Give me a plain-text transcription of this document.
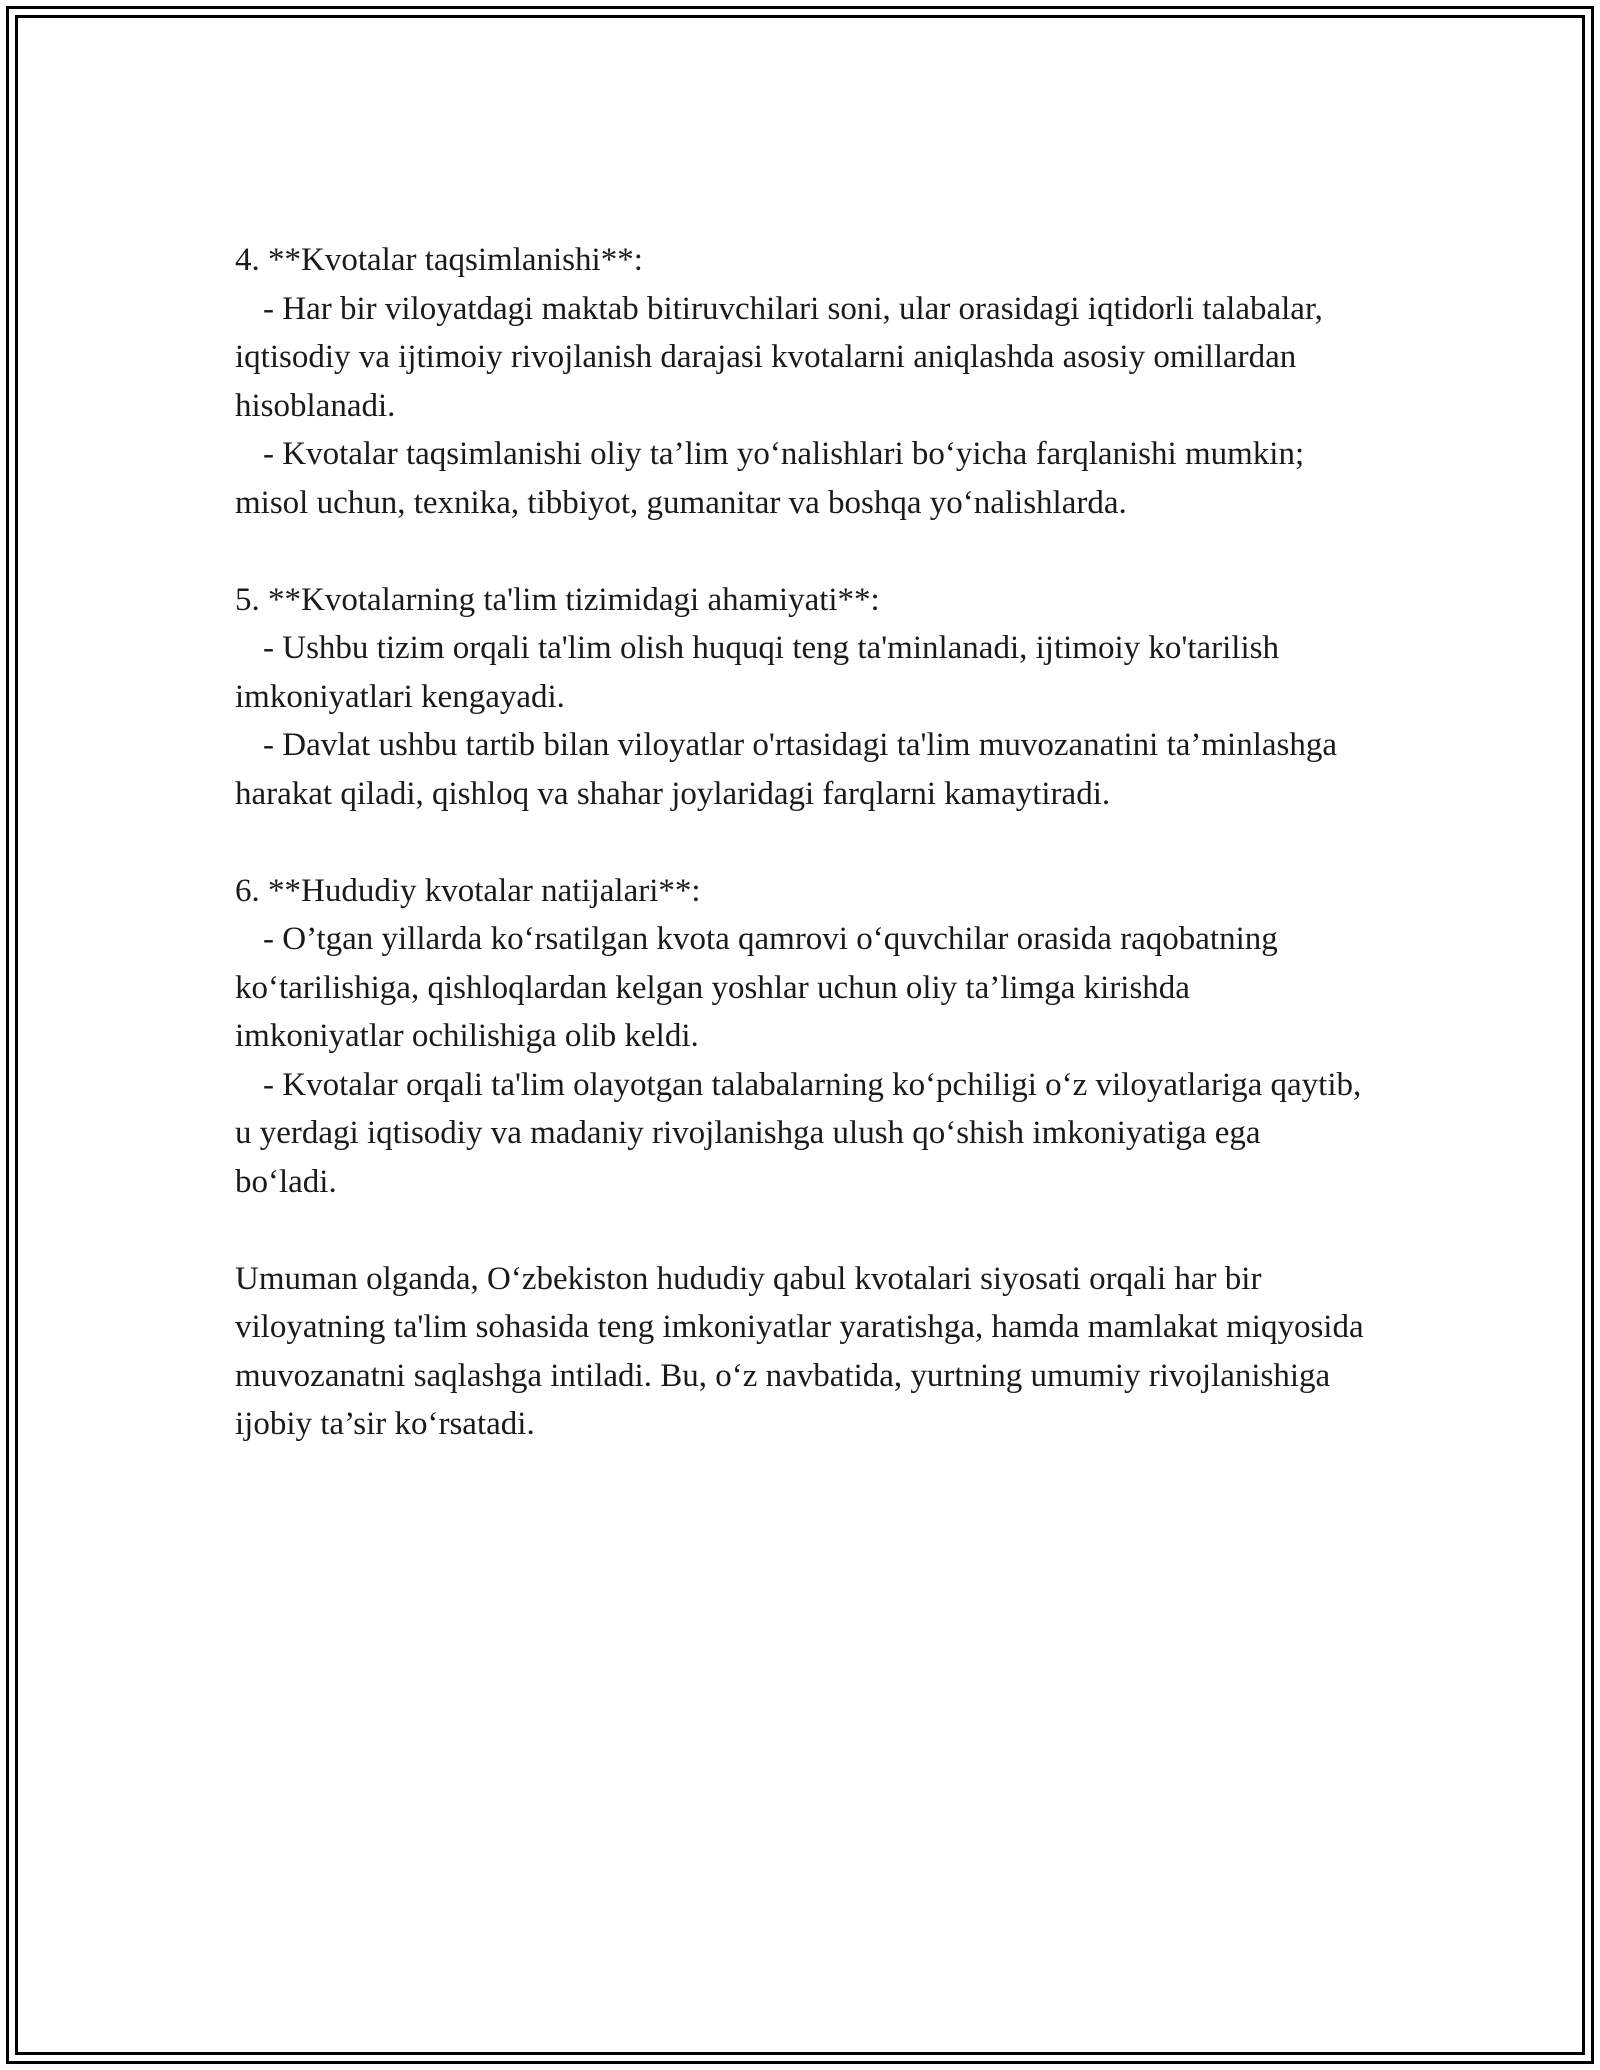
4. **Kvotalar taqsimlanishi**:
- Har bir viloyatdagi maktab bitiruvchilari soni, ular orasidagi iqtidorli talabalar, iqtisodiy va ijtimoiy rivojlanish darajasi kvotalarni aniqlashda asosiy omillardan hisoblanadi.
- Kvotalar taqsimlanishi oliy ta’lim yo‘nalishlari bo‘yicha farqlanishi mumkin; misol uchun, texnika, tibbiyot, gumanitar va boshqa yo‘nalishlarda.
5. **Kvotalarning ta'lim tizimidagi ahamiyati**:
- Ushbu tizim orqali ta'lim olish huquqi teng ta'minlanadi, ijtimoiy ko'tarilish imkoniyatlari kengayadi.
- Davlat ushbu tartib bilan viloyatlar o'rtasidagi ta'lim muvozanatini ta’minlashga harakat qiladi, qishloq va shahar joylaridagi farqlarni kamaytiradi.
6. **Hududiy kvotalar natijalari**:
- O’tgan yillarda ko‘rsatilgan kvota qamrovi o‘quvchilar orasida raqobatning ko‘tarilishiga, qishloqlardan kelgan yoshlar uchun oliy ta’limga kirishda imkoniyatlar ochilishiga olib keldi.
- Kvotalar orqali ta'lim olayotgan talabalarning ko‘pchiligi o‘z viloyatlariga qaytib, u yerdagi iqtisodiy va madaniy rivojlanishga ulush qo‘shish imkoniyatiga ega bo‘ladi.
Umuman olganda, O‘zbekiston hududiy qabul kvotalari siyosati orqali har bir viloyatning ta'lim sohasida teng imkoniyatlar yaratishga, hamda mamlakat miqyosida muvozanatni saqlashga intiladi. Bu, o‘z navbatida, yurtning umumiy rivojlanishiga ijobiy ta’sir ko‘rsatadi.
